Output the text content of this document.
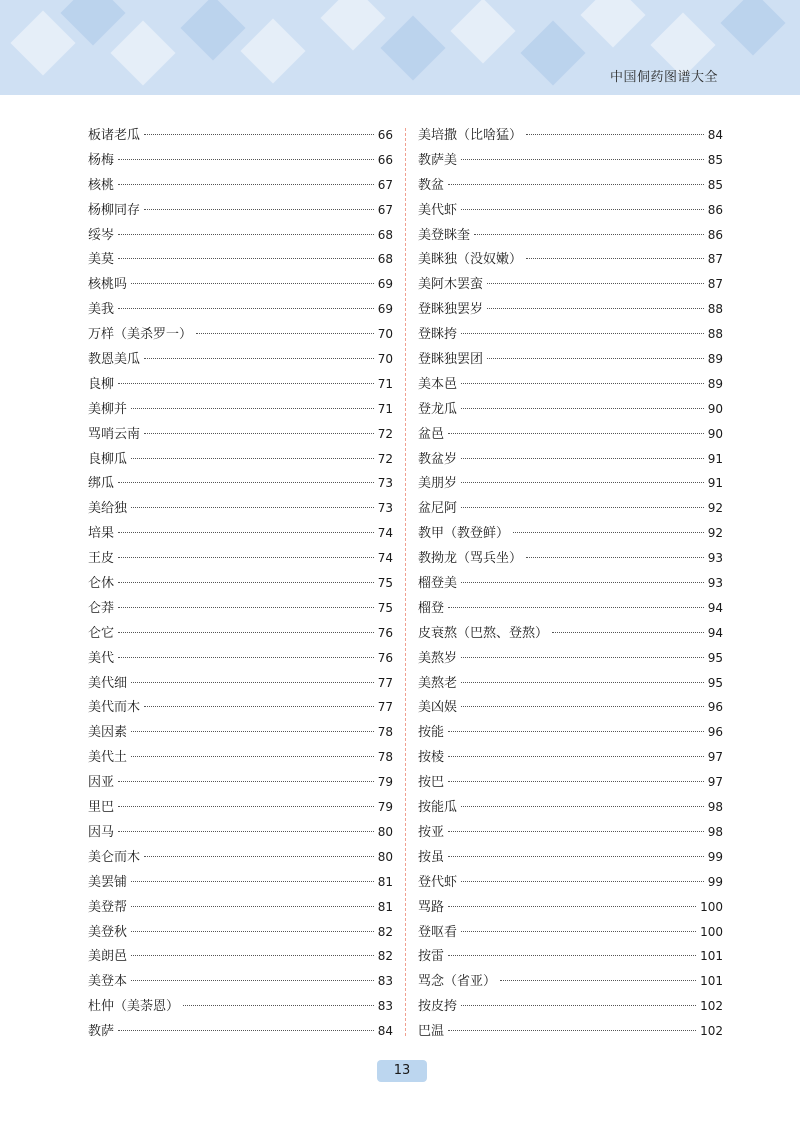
中国侗药图谱大全
板诸老瓜	66
杨梅	66
核桃	67
杨柳同存	67
绥岑	68
美莫	68
核桃吗	69
美我	69
万样（美杀罗一）	70
教恩美瓜	70
良柳	71
美柳并	71
骂哨云南	72
良柳瓜	72
绑瓜	73
美给独	73
培果	74
王皮	74
仑休	75
仑莽	75
仑它	76
美代	76
美代细	77
美代而木	77
美因素	78
美代土	78
因亚	79
里巴	79
因马	80
美仑而木	80
美罢铺	81
美登帮	81
美登秋	82
美朗邑	82
美登本	83
杜仲（美荼恩）	83
教萨	84
美培撒（比啥猛）	84
教萨美	85
教盆	85
美代虾	86
美登眯奎	86
美眯独（没奴嫩）	87
美阿木罢蛮	87
登眯独罢岁	88
登眯挎	88
登眯独罢团	89
美本邑	89
登龙瓜	90
盆邑	90
教盆岁	91
美朋岁	91
盆尼阿	92
教甲（教登鲜）	92
教拗龙（骂兵坐）	93
榴登美	93
榴登	94
皮衰熬（巴熬、登熬）	94
美熬岁	95
美熬老	95
美凶娱	96
按能	96
按棱	97
按巴	97
按能瓜	98
按亚	98
按虽	99
登代虾	99
骂路	100
登呕看	100
按雷	101
骂念（省亚）	101
按皮挎	102
巴温	102
13
